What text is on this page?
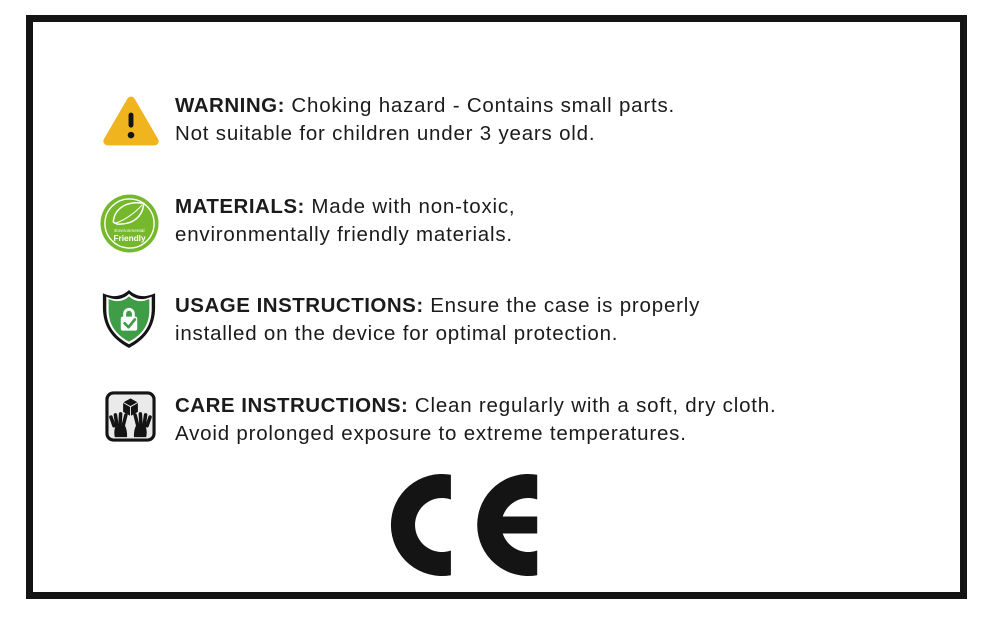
WARNING: Choking hazard - Contains small parts.
Not suitable for children under 3 years old.

Environmental
Friendly

MATERIALS: Made with non-toxic,
environmentally friendly materials.

USAGE INSTRUCTIONS: Ensure the case is properly
installed on the device for optimal protection.

CARE INSTRUCTIONS: Clean regularly with a soft, dry cloth.
Avoid prolonged exposure to extreme temperatures.
